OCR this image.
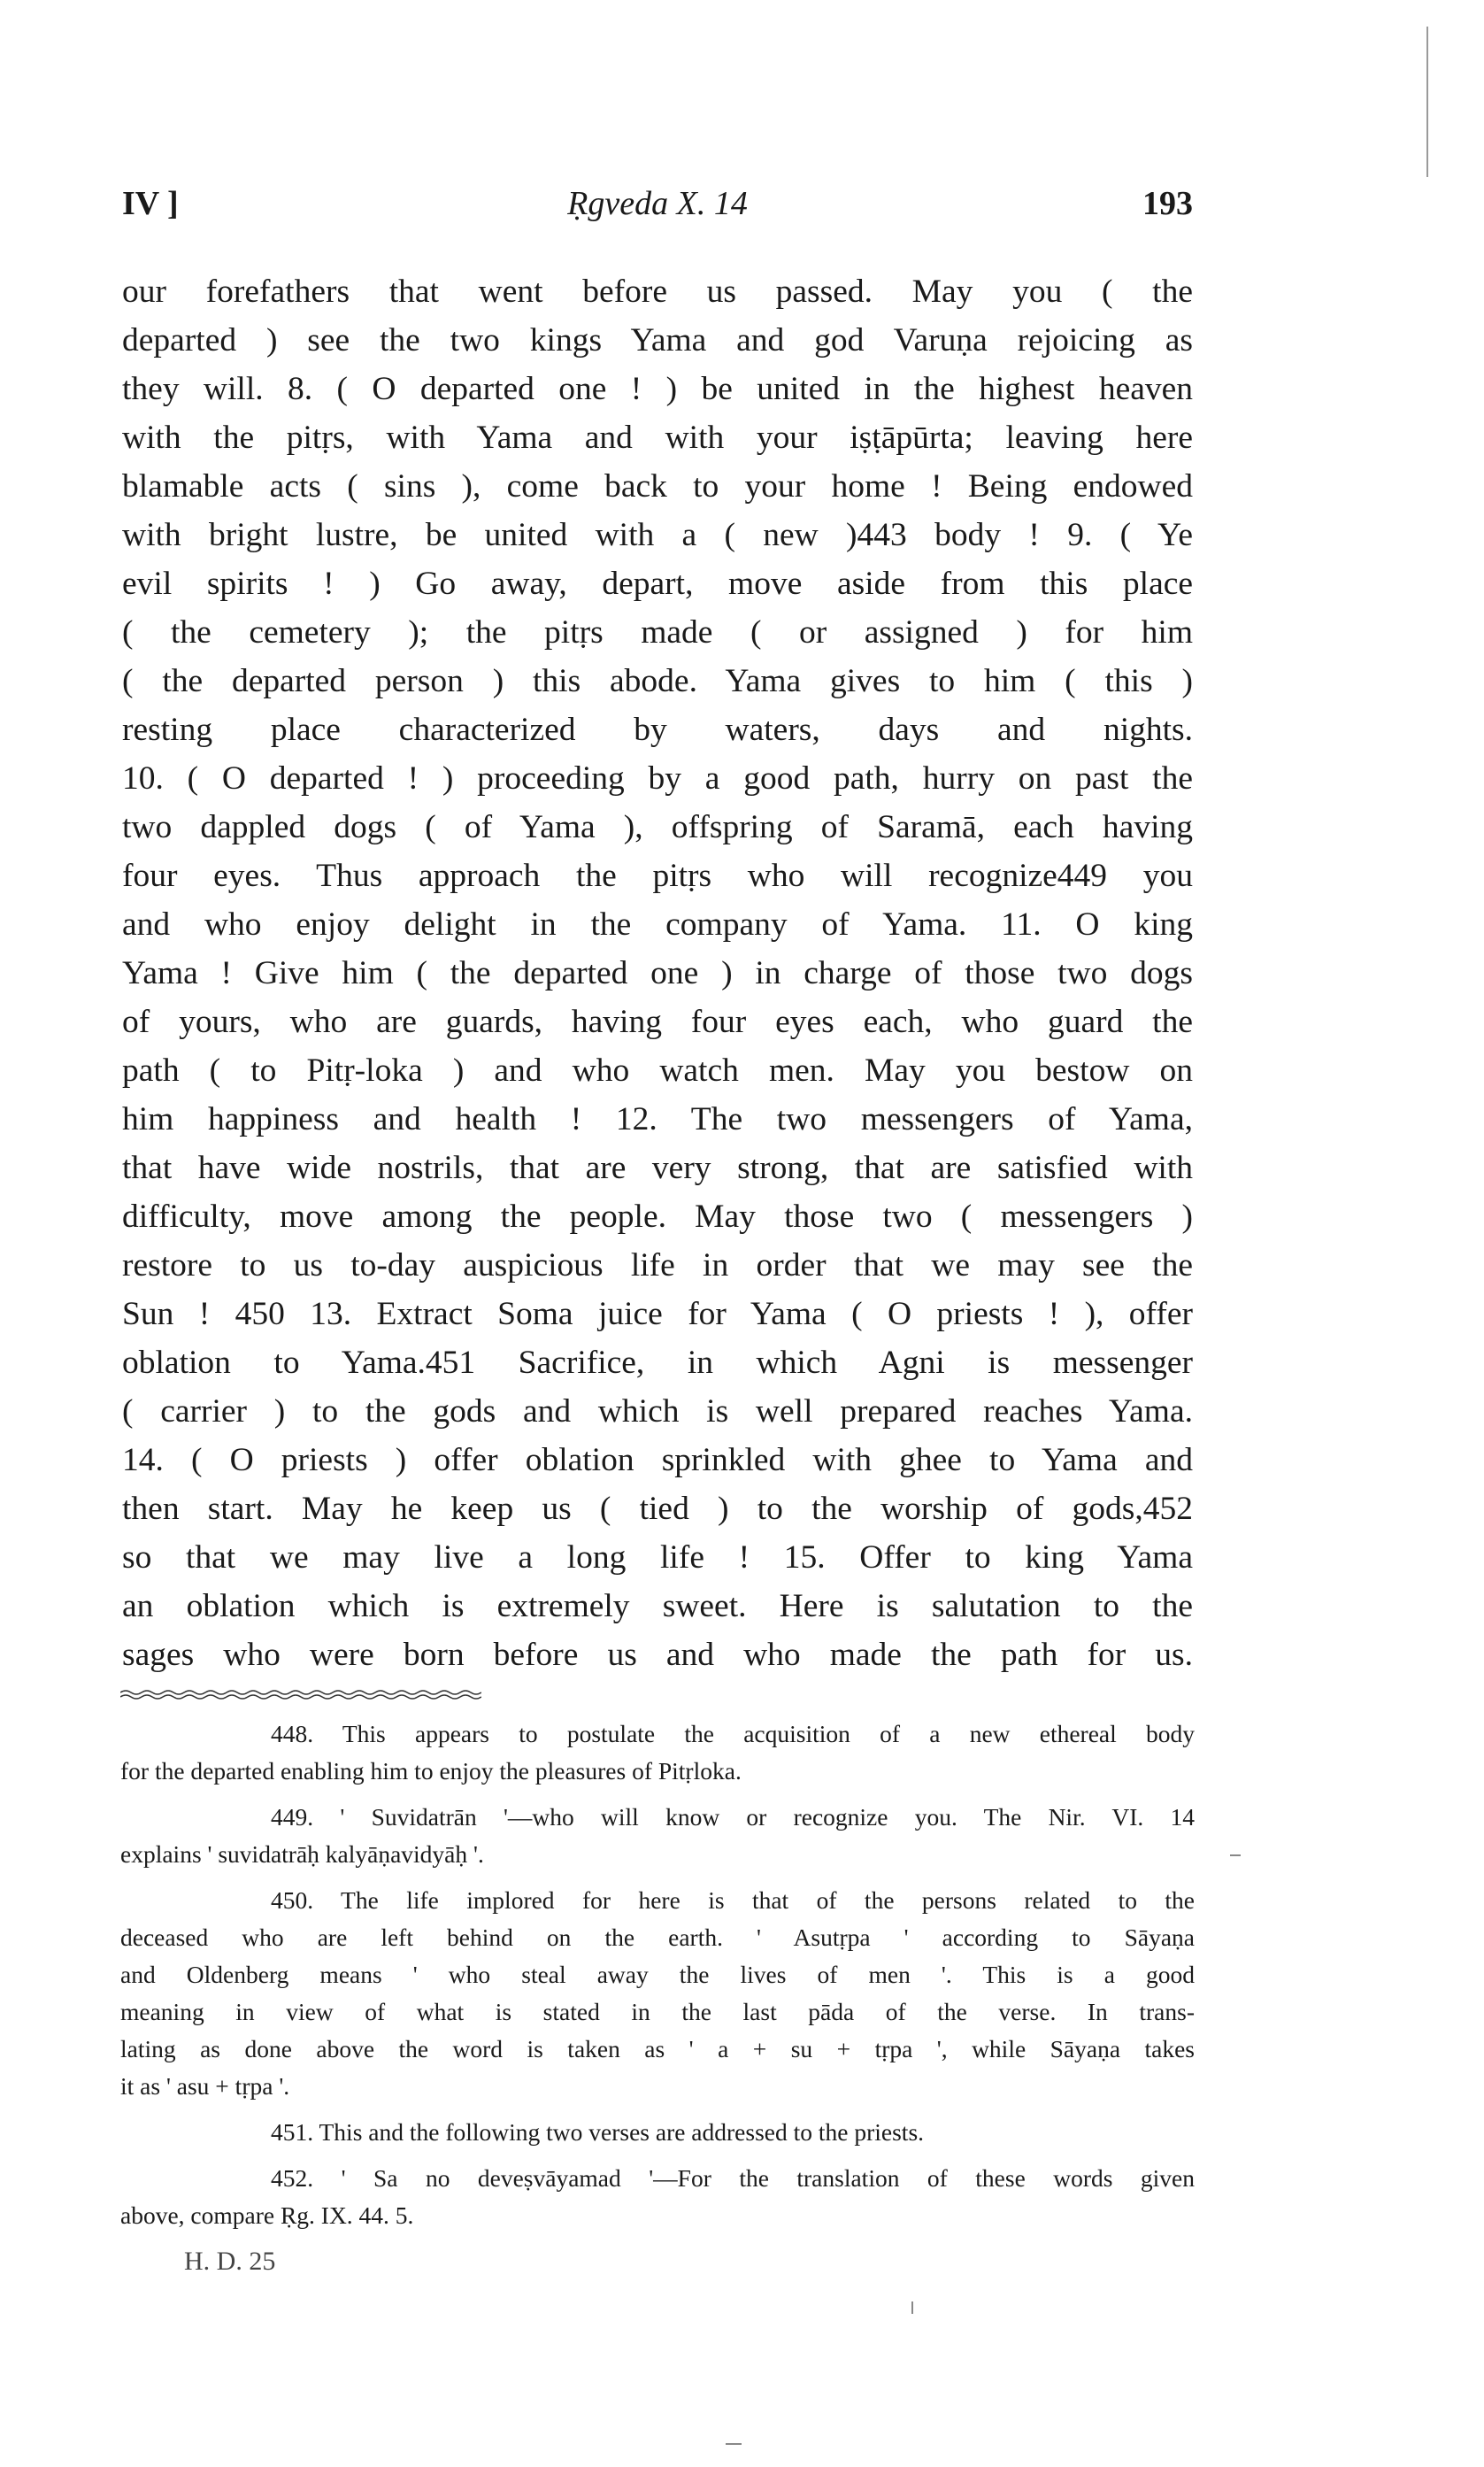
IV ]	Ṛgveda X. 14	193
our forefathers that went before us passed. May you ( the
departed ) see the two kings Yama and god Varuṇa rejoicing as
they will. 8. ( O departed one ! ) be united in the highest heaven
with the pitṛs, with Yama and with your iṣṭāpūrta; leaving here
blamable acts ( sins ), come back to your home ! Being endowed
with bright lustre, be united with a ( new )443 body ! 9. ( Ye
evil spirits ! ) Go away, depart, move aside from this place
( the cemetery ); the pitṛs made ( or assigned ) for him
( the departed person ) this abode. Yama gives to him ( this )
resting place characterized by waters, days and nights.
10. ( O departed ! ) proceeding by a good path, hurry on past the
two dappled dogs ( of Yama ), offspring of Saramā, each having
four eyes. Thus approach the pitṛs who will recognize449 you
and who enjoy delight in the company of Yama. 11. O king
Yama ! Give him ( the departed one ) in charge of those two dogs
of yours, who are guards, having four eyes each, who guard the
path ( to Pitṛ-loka ) and who watch men. May you bestow on
him happiness and health ! 12. The two messengers of Yama,
that have wide nostrils, that are very strong, that are satisfied with
difficulty, move among the people. May those two ( messengers )
restore to us to-day auspicious life in order that we may see the
Sun ! 450 13. Extract Soma juice for Yama ( O priests ! ), offer
oblation to Yama.451 Sacrifice, in which Agni is messenger
( carrier ) to the gods and which is well prepared reaches Yama.
14. ( O priests ) offer oblation sprinkled with ghee to Yama and
then start. May he keep us ( tied ) to the worship of gods,452
so that we may live a long life ! 15. Offer to king Yama
an oblation which is extremely sweet. Here is salutation to the
sages who were born before us and who made the path for us.
448. This appears to postulate the acquisition of a new ethereal body
for the departed enabling him to enjoy the pleasures of Pitṛloka.
449. ' Suvidatrān '—who will know or recognize you. The Nir. VI. 14
explains ' suvidatrāḥ kalyāṇavidyāḥ '.
450. The life implored for here is that of the persons related to the
deceased who are left behind on the earth. ' Asutṛpa ' according to Sāyaṇa
and Oldenberg means ' who steal away the lives of men '. This is a good
meaning in view of what is stated in the last pāda of the verse. In trans-
lating as done above the word is taken as ' a + su + tṛpa ', while Sāyaṇa takes
it as ' asu + tṛpa '.
451. This and the following two verses are addressed to the priests.
452. ' Sa no deveṣvāyamad '—For the translation of these words given
above, compare Ṛg. IX. 44. 5.
H. D. 25
